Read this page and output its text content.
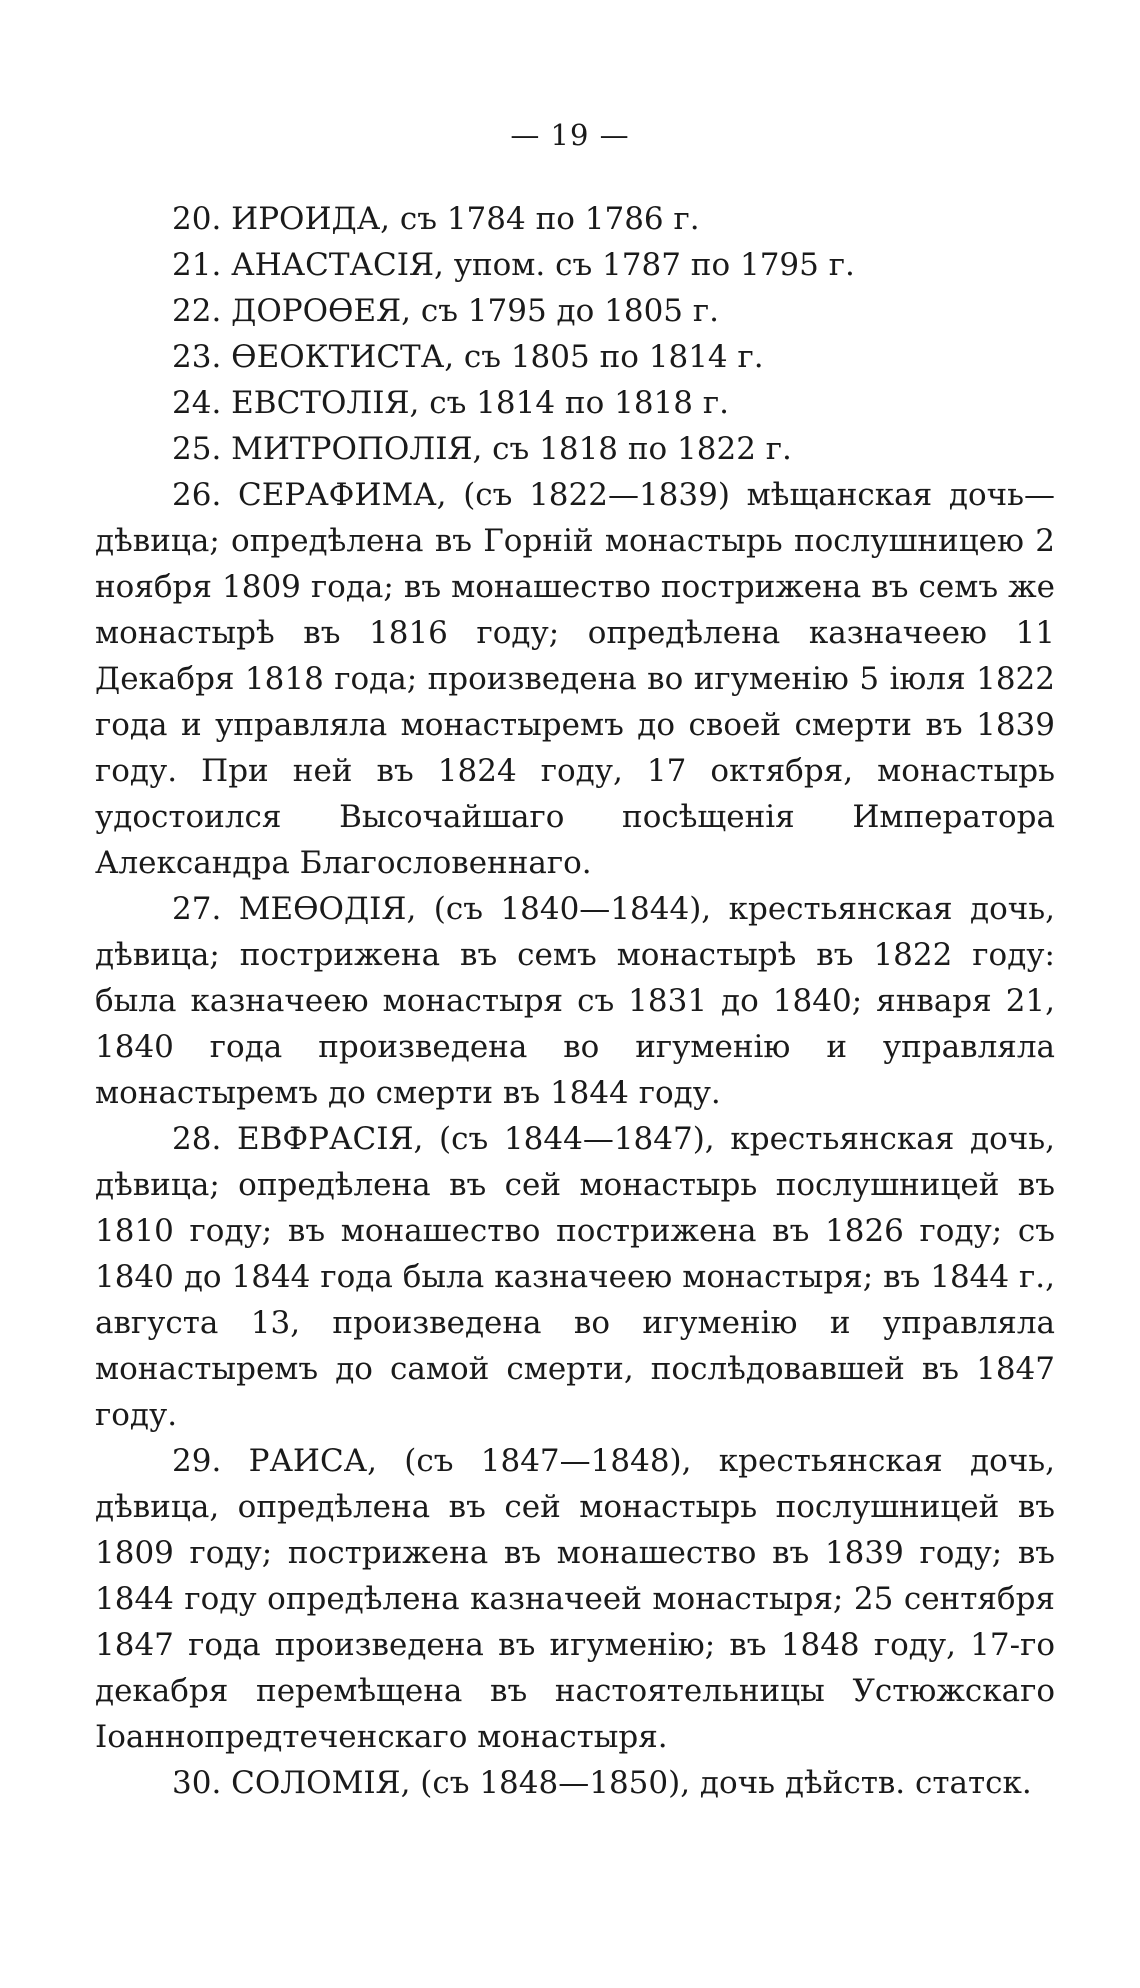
— 19 —

20. ИРОИДА, съ 1784 по 1786 г.

21. АНАСТАСІЯ, упом. съ 1787 по 1795 г.

22. ДОРОѲЕЯ, съ 1795 до 1805 г.

23. ѲЕОКТИСТА, съ 1805 по 1814 г.

24. ЕВСТОЛІЯ, съ 1814 по 1818 г.

25. МИТРОПОЛІЯ, съ 1818 по 1822 г.

26. СЕРАФИМА, (съ 1822—1839) мѣщанская дочь—дѣвица; опредѣлена въ Горній монастырь послушницею 2 ноября 1809 года; въ монашество пострижена въ семъ же монастырѣ въ 1816 году; опредѣлена казначеею 11 Декабря 1818 года; произведена во игуменію 5 іюля 1822 года и управляла монастыремъ до своей смерти въ 1839 году. При ней въ 1824 году, 17 октября, монастырь удостоился Высочайшаго посѣщенія Императора Александра Благословеннаго.

27. МЕѲОДІЯ, (съ 1840—1844), крестьянская дочь, дѣвица; пострижена въ семъ монастырѣ въ 1822 году: была казначеею монастыря съ 1831 до 1840; января 21, 1840 года произведена во игуменію и управляла монастыремъ до смерти въ 1844 году.

28. ЕВФРАСІЯ, (съ 1844—1847), крестьянская дочь, дѣвица; опредѣлена въ сей монастырь послушницей въ 1810 году; въ монашество пострижена въ 1826 году; съ 1840 до 1844 года была казначеею монастыря; въ 1844 г., августа 13, произведена во игуменію и управляла монастыремъ до самой смерти, послѣдовавшей въ 1847 году.

29. РАИСА, (съ 1847—1848), крестьянская дочь, дѣвица, опредѣлена въ сей монастырь послушницей въ 1809 году; пострижена въ монашество въ 1839 году; въ 1844 году опредѣлена казначеей монастыря; 25 сентября 1847 года произведена въ игуменію; въ 1848 году, 17-го декабря перемѣщена въ настоятельницы Устюжскаго Іоаннопредтеченскаго монастыря.

30. СОЛОМІЯ, (съ 1848—1850), дочь дѣйств. статск.
